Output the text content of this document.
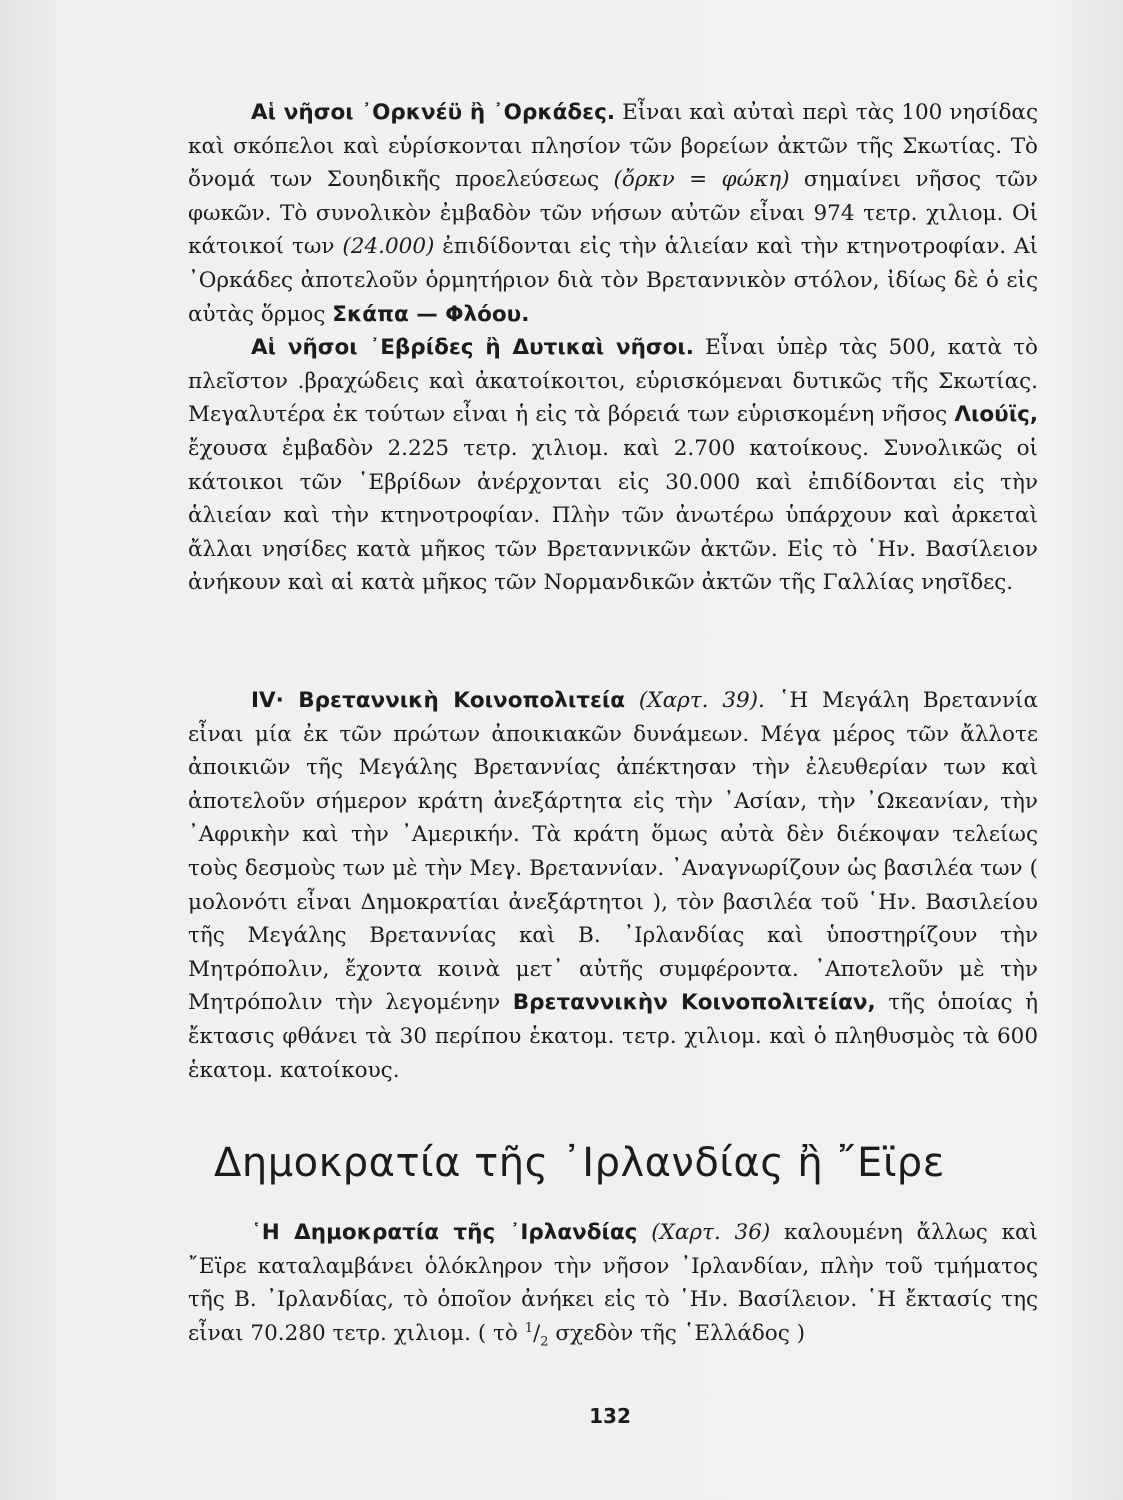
Αἱ νῆσοι ᾽Ορκνέϋ ἢ ᾽Ορκάδες. Εἶναι καὶ αὐταὶ περὶ τὰς 100 νησίδας καὶ σκόπελοι καὶ εὑρίσκονται πλησίον τῶν βορείων ἀκτῶν τῆς Σκωτίας. Τὸ ὄνομά των Σουηδικῆς προελεύσεως (ὄρκν = φώκη) σημαίνει νῆσος τῶν φωκῶν. Τὸ συνολικὸν ἐμβαδὸν τῶν νήσων αὐτῶν εἶναι 974 τετρ. χιλιομ. Οἱ κάτοικοί των (24.000) ἐπιδίδονται εἰς τὴν ἁλιείαν καὶ τὴν κτηνοτροφίαν. Αἱ ᾽Ορκάδες ἀποτελοῦν ὁρμητήριον διὰ τὸν Βρεταννικὸν στόλον, ἰδίως δὲ ὁ εἰς αὐτὰς ὅρμος Σκάπα — Φλόου.

Αἱ νῆσοι ᾽Εβρίδες ἢ Δυτικαὶ νῆσοι. Εἶναι ὑπὲρ τὰς 500, κατὰ τὸ πλεῖστον .βραχώδεις καὶ ἀκατοίκοιτοι, εὑρισκόμεναι δυτικῶς τῆς Σκωτίας. Μεγαλυτέρα ἐκ τούτων εἶναι ἡ εἰς τὰ βόρειά των εὑρισκομένη νῆσος Λιούϊς, ἔχουσα ἐμβαδὸν 2.225 τετρ. χιλιομ. καὶ 2.700 κατοίκους. Συνολικῶς οἱ κάτοικοι τῶν ῾Εβρίδων ἀνέρχονται εἰς 30.000 καὶ ἐπιδίδονται εἰς τὴν ἁλιείαν καὶ τὴν κτηνοτροφίαν. Πλὴν τῶν ἀνωτέρω ὑπάρχουν καὶ ἀρκεταὶ ἄλλαι νησίδες κατὰ μῆκος τῶν Βρεταννικῶν ἀκτῶν. Εἰς τὸ ῾Ην. Βασίλειον ἀνήκουν καὶ αἱ κατὰ μῆκος τῶν Νορμανδικῶν ἀκτῶν τῆς Γαλλίας νησῖδες.

IV· Βρεταννικὴ Κοινοπολιτεία (Χαρτ. 39). ῾Η Μεγάλη Βρεταννία εἶναι μία ἐκ τῶν πρώτων ἀποικιακῶν δυνάμεων. Μέγα μέρος τῶν ἄλλοτε ἀποικιῶν τῆς Μεγάλης Βρεταννίας ἀπέκτησαν τὴν ἐλευθερίαν των καὶ ἀποτελοῦν σήμερον κράτη ἀνεξάρτητα εἰς τὴν ᾽Ασίαν, τὴν ᾽Ωκεανίαν, τὴν ᾽Αφρικὴν καὶ τὴν ᾽Αμερικήν. Τὰ κράτη ὅμως αὐτὰ δὲν διέκοψαν τελείως τοὺς δεσμοὺς των μὲ τὴν Μεγ. Βρεταννίαν. ᾽Αναγνωρίζουν ὡς βασιλέα των ( μολονότι εἶναι Δημοκρατίαι ἀνεξάρτητοι ), τὸν βασιλέα τοῦ ῾Ην. Βασιλείου τῆς Μεγάλης Βρεταννίας καὶ Β. ᾽Ιρλανδίας καὶ ὑποστηρίζουν τὴν Μητρόπολιν, ἔχοντα κοινὰ μετ᾽ αὐτῆς συμφέροντα. ᾽Αποτελοῦν μὲ τὴν Μητρόπολιν τὴν λεγομένην Βρεταννικὴν Κοινοπολιτείαν, τῆς ὁποίας ἡ ἔκτασις φθάνει τὰ 30 περίπου ἑκατομ. τετρ. χιλιομ. καὶ ὁ πληθυσμὸς τὰ 600 ἑκατομ. κατοίκους.

Δημοκρατία τῆς ᾽Ιρλανδίας ἢ ῎Εϊρε

῾Η Δημοκρατία τῆς ᾽Ιρλανδίας (Χαρτ. 36) καλουμένη ἄλλως καὶ ῎Εϊρε καταλαμβάνει ὁλόκληρον τὴν νῆσον ᾽Ιρλανδίαν, πλὴν τοῦ τμήματος τῆς Β. ᾽Ιρλανδίας, τὸ ὁποῖον ἀνήκει εἰς τὸ ῾Ην. Βασίλειον. ῾Η ἔκτασίς της εἶναι 70.280 τετρ. χιλιομ. ( τὸ $^1/_2$ σχεδὸν τῆς ῾Ελλάδος )

132
